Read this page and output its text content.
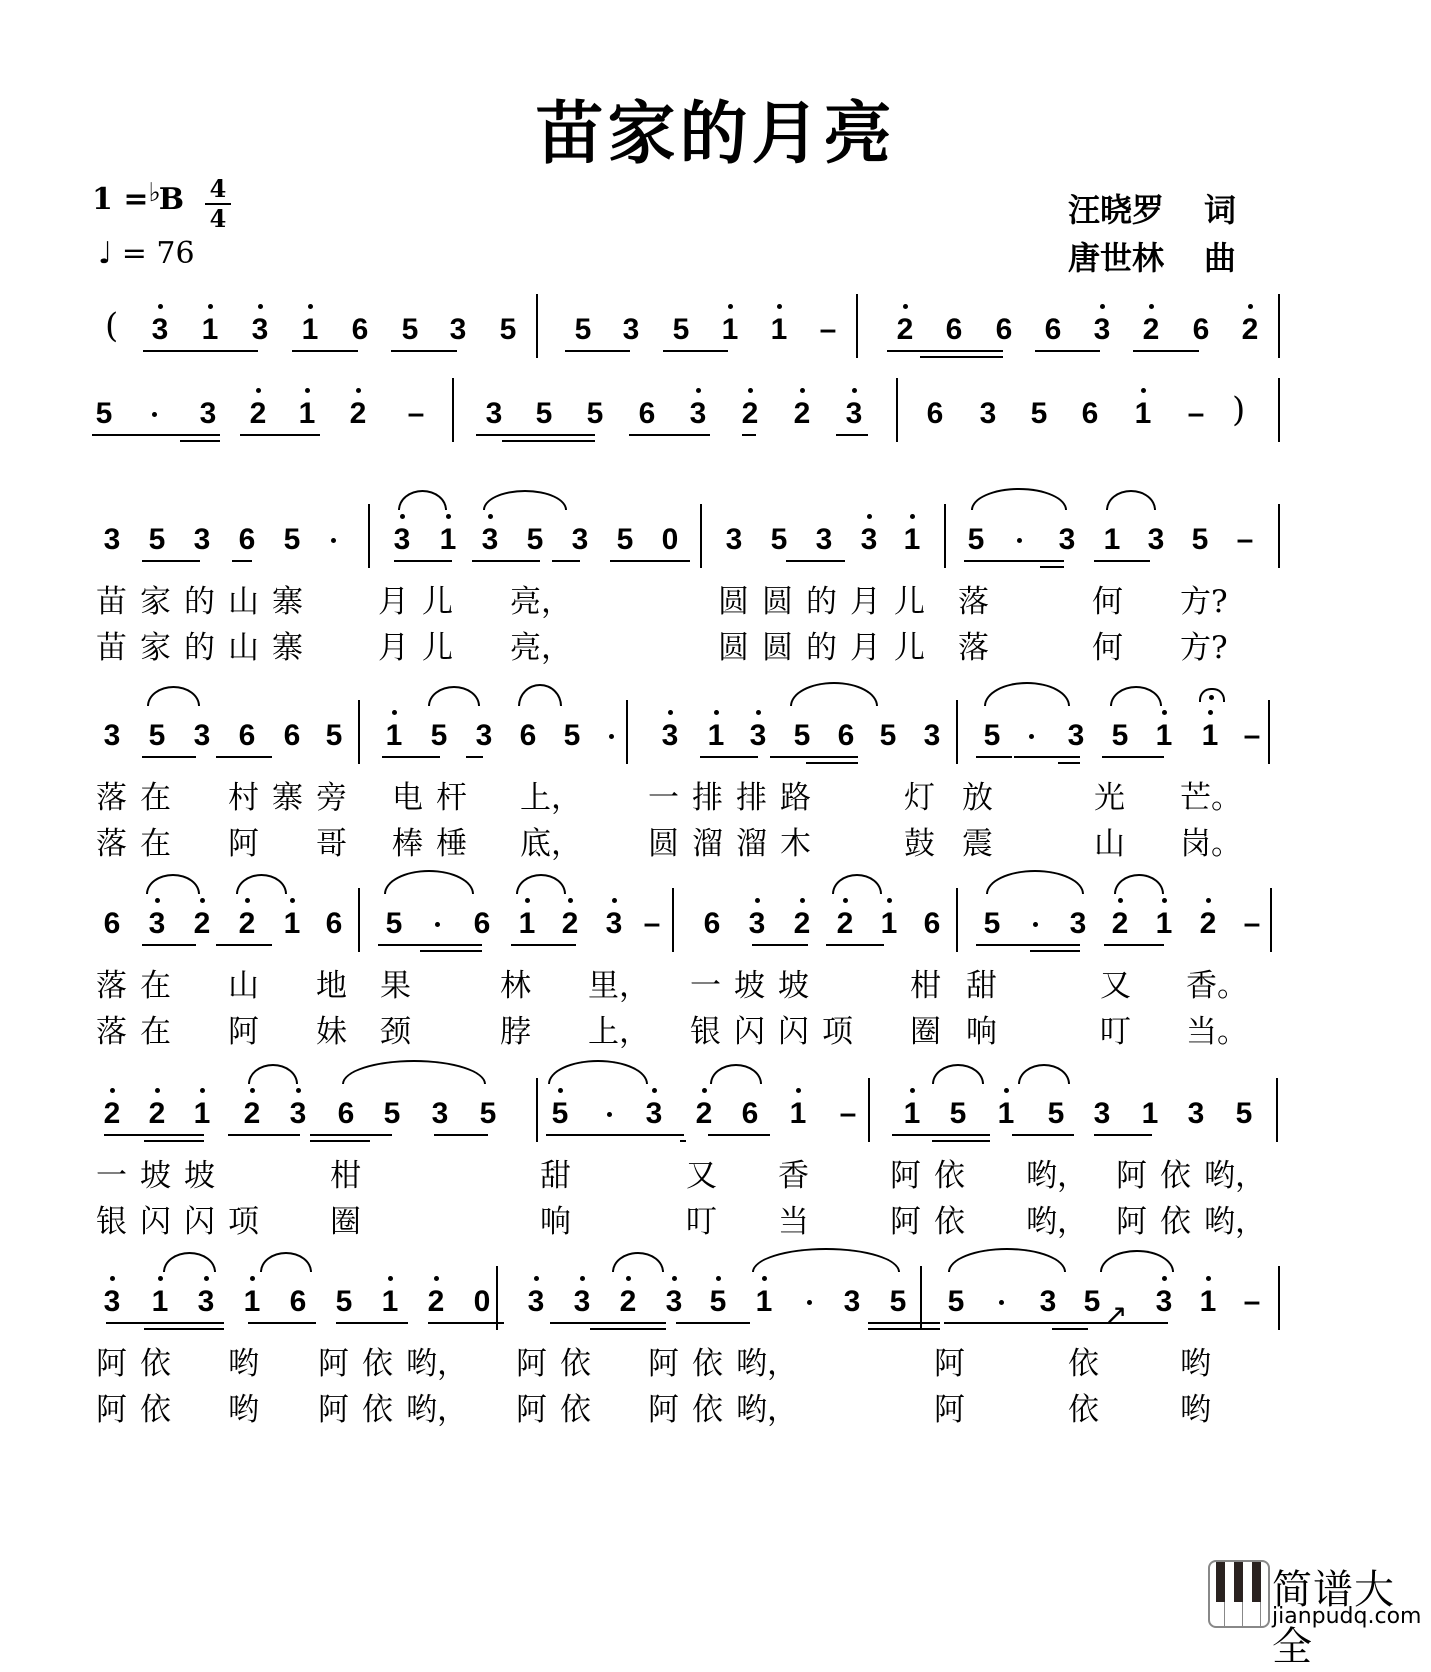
苗家的月亮
1 =♭B 4
4
♩ = 76
汪晓罗 词
唐世林 曲
( 3 1 3 1 6 5 3 5 5 3 5 1 1 – 2 6 6 6 3 2 6 2
)
5	3 2 1 2 – 3 5 5 6 3 2 2 3 6 3 5 6 1 –
3 5 3 6 5	3 1 3 5 3 5 0 3 5 3 3 1 5 3 1 3 5 –
苗 家 的 山 寨 月 儿 亮，	圆 圆 的 月 儿 落	何 方?
苗 家 的 山 寨 月 儿 亮，	圆 圆 的 月 儿 落	何 方?
3 5 3 6 6 5 1 5 3 6 5	3 1 3 5 6 5 3 5 3 5 1 1 –
落 在 村 寨 旁 电 杆 上， 一 排 排 路	灯 放	光 芒。
落 在 阿 哥 棒 棰 底， 圆 溜 溜 木	鼓 震	山 岗。
6 3 2 2 1 6 5 6 1 2 3 – 6 3 2 2 1 6 5 3 2 1 2 –
落 在 山 地 果	林 里， 一 坡 坡	柑 甜	又 香。
落 在 阿 妹 颈	脖 上， 银 闪 闪 项 圈 响	叮 当。
2 2 1 2 3 6 5 3 5 5	3 2 6 1 – 1 5 1 5 3 1 3 5
一 坡 坡	柑	甜	又 香	阿 依 哟， 阿 依 哟，
银 闪 闪 项 圈	响	叮 当	阿 依 哟， 阿 依 哟，
3 1 3 1 6 5 1 2 0 3 3 2 3 5 1 3 5 5	3 5 3 1 –
↗
阿 依 哟 阿 依 哟， 阿 依 阿 依 哟，	阿	依	哟
阿 依 哟 阿 依 哟， 阿 依 阿 依 哟，	阿	依	哟
简谱大全
jianpudq.com
